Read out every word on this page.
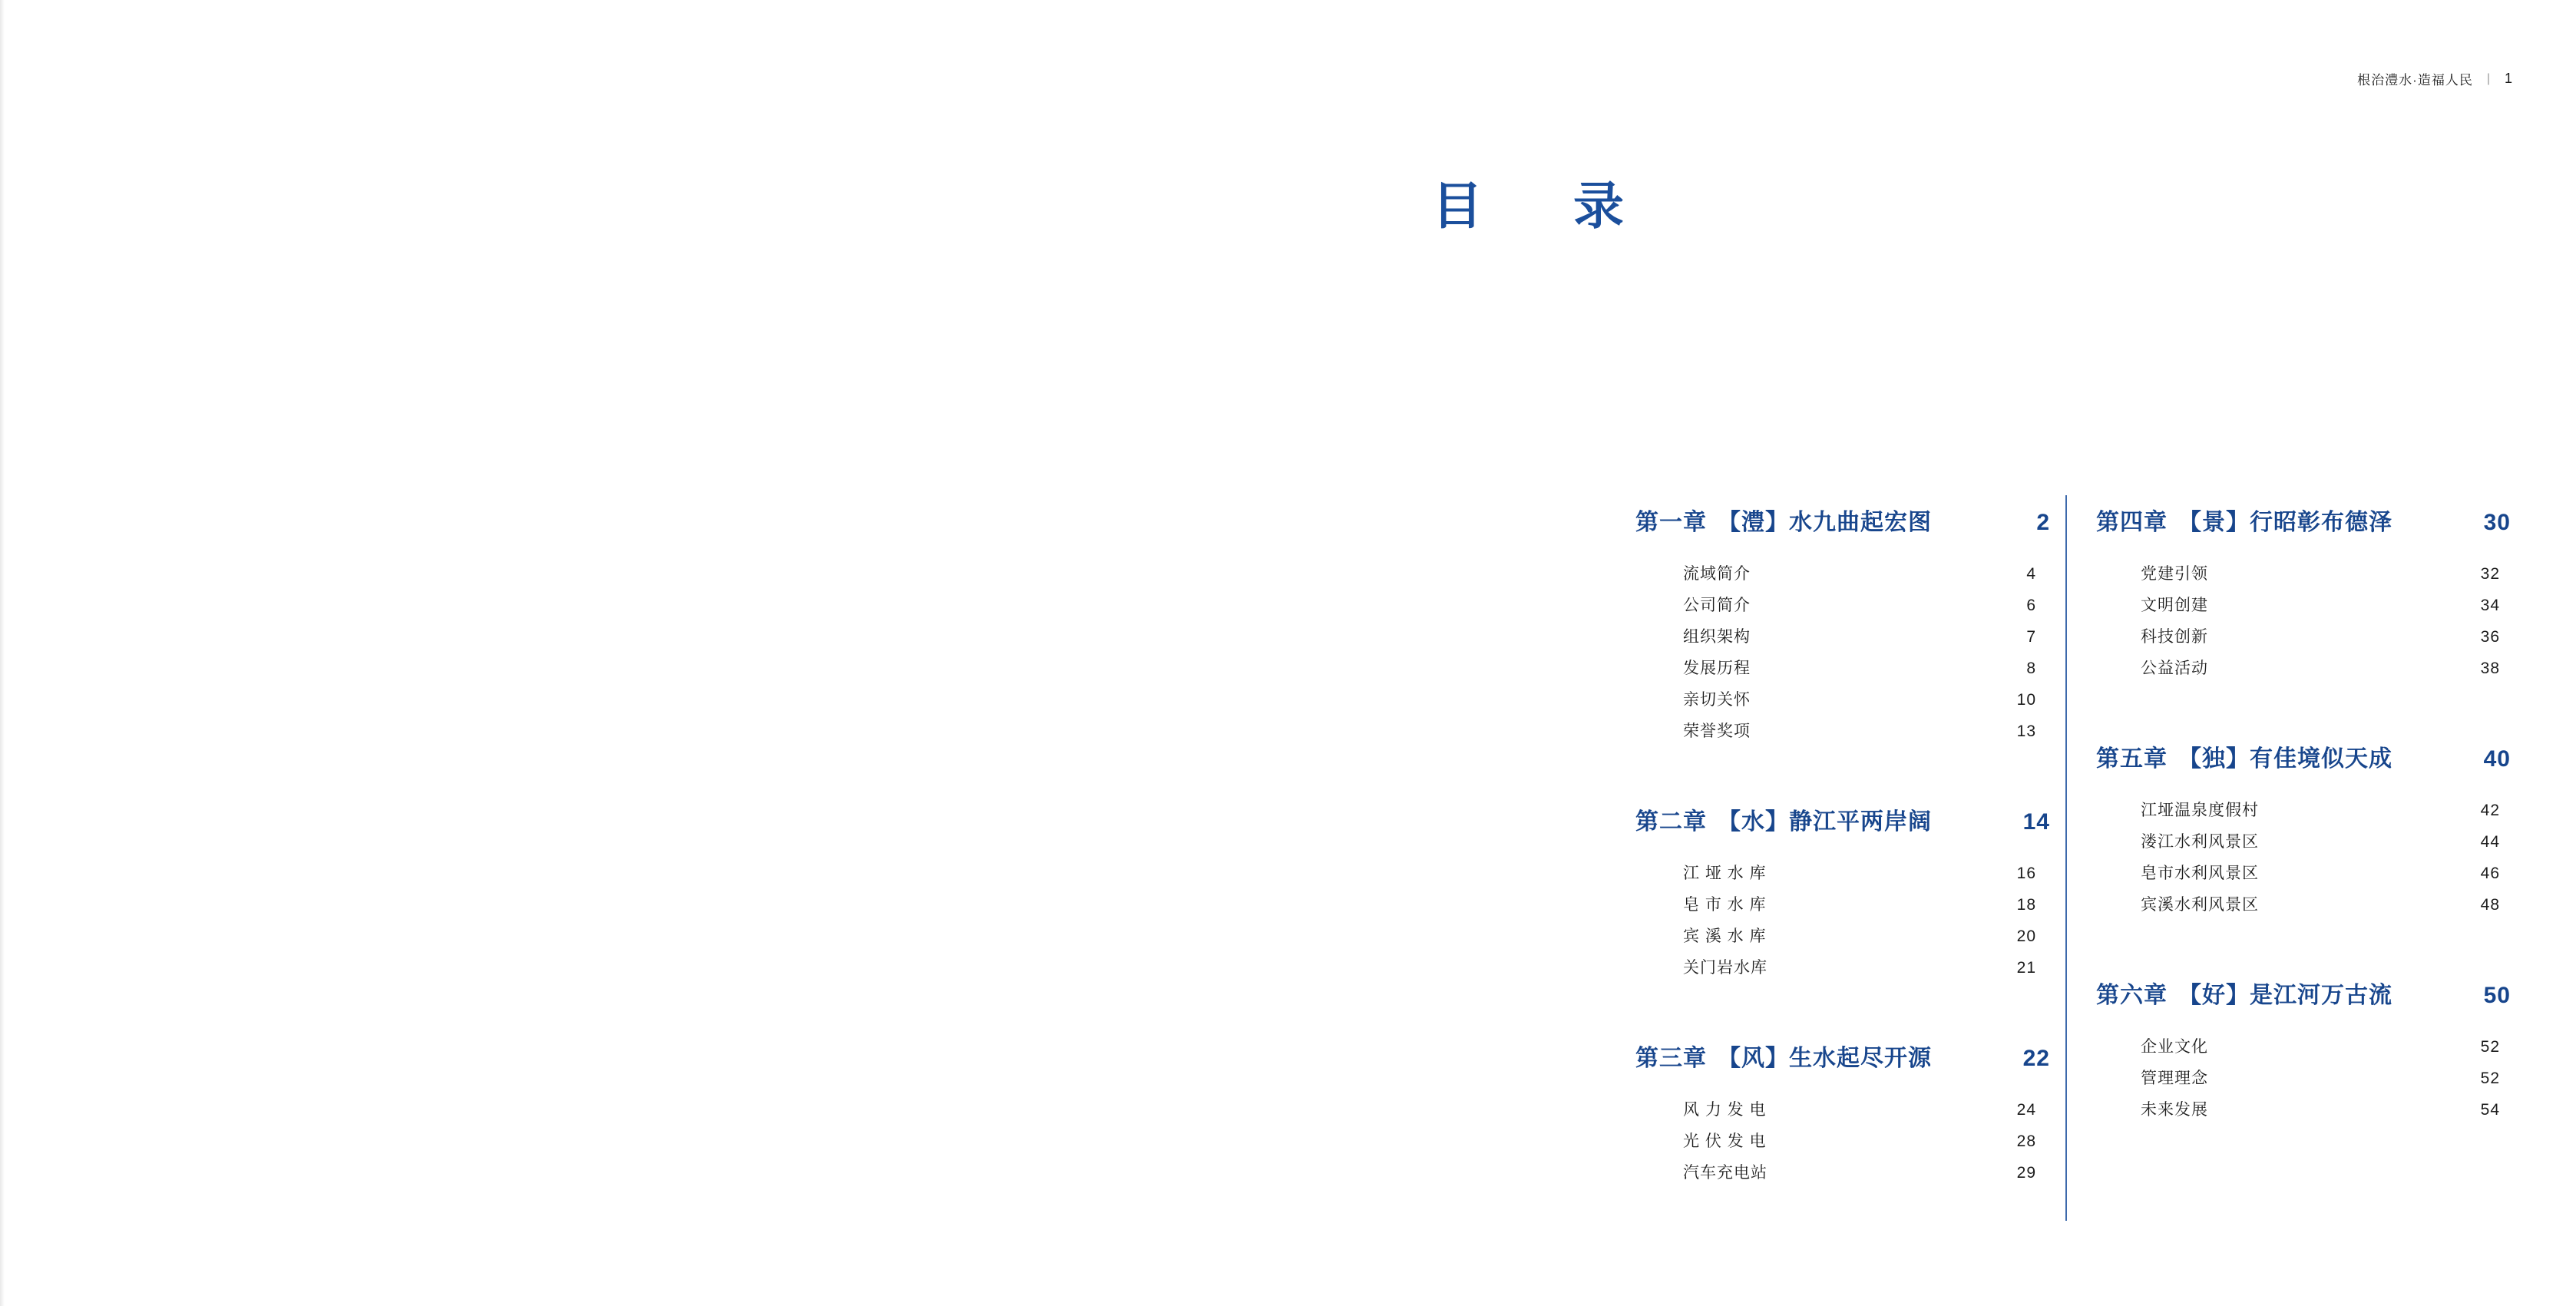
根治澧水·造福人民 | 1
目　录
第一章 【澧】水九曲起宏图	2
流域简介	4
公司简介	6
组织架构	7
发展历程	8
亲切关怀	10
荣誉奖项	13
第二章 【水】静江平两岸阔	14
江 垭 水 库	16
皂 市 水 库	18
宾 溪 水 库	20
关门岩水库	21
第三章 【风】生水起尽开源	22
风 力 发 电	24
光 伏 发 电	28
汽车充电站	29
第四章 【景】行昭彰布德泽	30
党建引领	32
文明创建	34
科技创新	36
公益活动	38
第五章 【独】有佳境似天成	40
江垭温泉度假村	42
溇江水利风景区	44
皂市水利风景区	46
宾溪水利风景区	48
第六章 【好】是江河万古流	50
企业文化	52
管理理念	52
未来发展	54
